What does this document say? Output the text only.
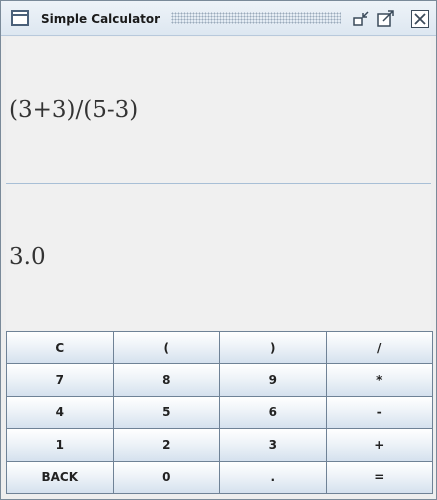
Simple Calculator
(3+3)/(5-3)
3.0
C	(	)	/
7	8	9	*
4	5	6	-
1	2	3	+
BACK	0	.	=
